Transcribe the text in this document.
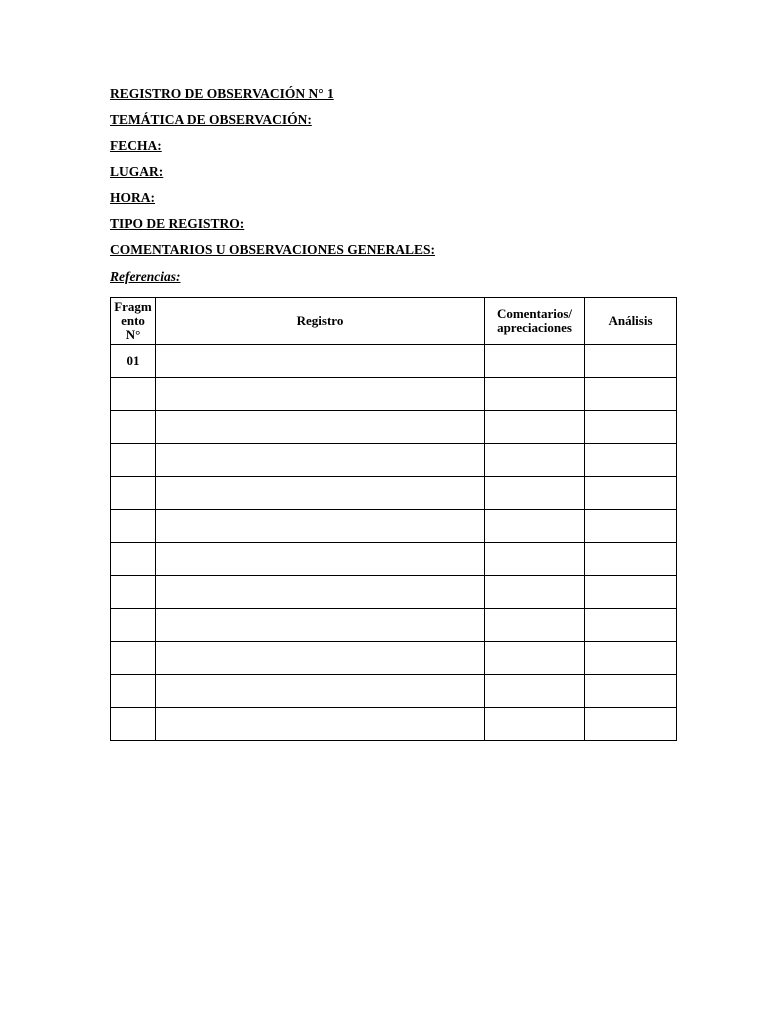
REGISTRO DE OBSERVACIÓN N° 1
TEMÁTICA DE OBSERVACIÓN:
FECHA:
LUGAR:
HORA:
TIPO DE REGISTRO:
COMENTARIOS U OBSERVACIONES GENERALES:
Referencias:
Fragmento N°	Registro	Comentarios/ apreciaciones	Análisis
01			
